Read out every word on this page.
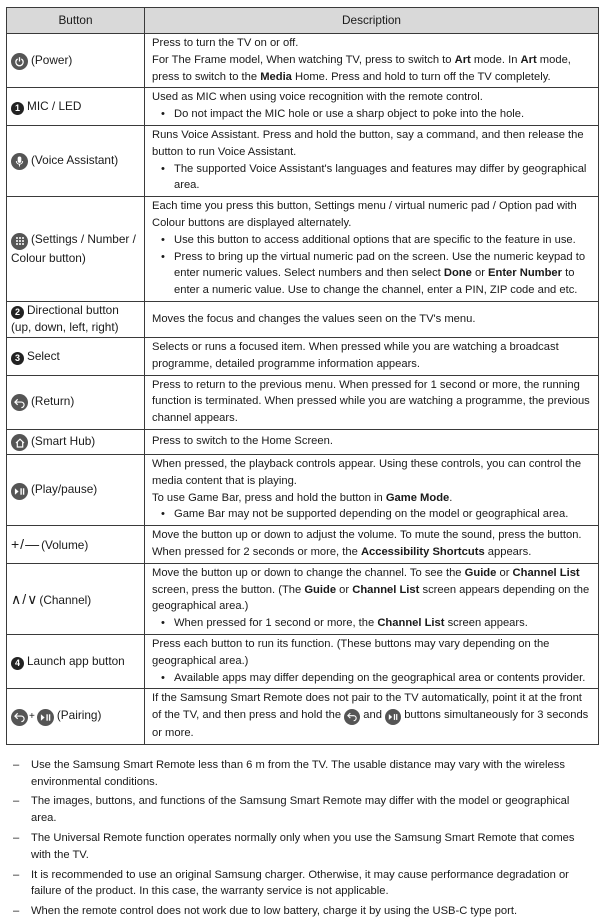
Button	Description

(Power)	Press to turn the TV on or off.
For The Frame model, When watching TV, press to switch to Art mode. In Art mode, press to switch to the Media Home. Press and hold to turn off the TV completely.

1 MIC / LED	Used as MIC when using voice recognition with the remote control.
• Do not impact the MIC hole or use a sharp object to poke into the hole.

(Voice Assistant)	Runs Voice Assistant. Press and hold the button, say a command, and then release the button to run Voice Assistant.
• The supported Voice Assistant's languages and features may differ by geographical area.

(Settings / Number / Colour button)	Each time you press this button, Settings menu / virtual numeric pad / Option pad with Colour buttons are displayed alternately.
• Use this button to access additional options that are specific to the feature in use.
• Press to bring up the virtual numeric pad on the screen. Use the numeric keypad to enter numeric values. Select numbers and then select Done or Enter Number to enter a numeric value. Use to change the channel, enter a PIN, ZIP code and etc.

2 Directional button (up, down, left, right)	Moves the focus and changes the values seen on the TV's menu.

3 Select	Selects or runs a focused item. When pressed while you are watching a broadcast programme, detailed programme information appears.

(Return)	Press to return to the previous menu. When pressed for 1 second or more, the running function is terminated. When pressed while you are watching a programme, the previous channel appears.

(Smart Hub)	Press to switch to the Home Screen.

(Play/pause)	When pressed, the playback controls appear. Using these controls, you can control the media content that is playing.
To use Game Bar, press and hold the button in Game Mode.
• Game Bar may not be supported depending on the model or geographical area.

+/—(Volume)	Move the button up or down to adjust the volume. To mute the sound, press the button.
When pressed for 2 seconds or more, the Accessibility Shortcuts appears.

∧/∨(Channel)	Move the button up or down to change the channel. To see the Guide or Channel List screen, press the button. (The Guide or Channel List screen appears depending on the geographical area.)
• When pressed for 1 second or more, the Channel List screen appears.

4 Launch app button	Press each button to run its function. (These buttons may vary depending on the geographical area.)
• Available apps may differ depending on the geographical area or contents provider.

+ (Pairing)	If the Samsung Smart Remote does not pair to the TV automatically, point it at the front of the TV, and then press and hold the
and
buttons simultaneously for 3 seconds or more.
– Use the Samsung Smart Remote less than 6 m from the TV. The usable distance may vary with the wireless environmental conditions.
– The images, buttons, and functions of the Samsung Smart Remote may differ with the model or geographical area.
– The Universal Remote function operates normally only when you use the Samsung Smart Remote that comes with the TV.
– It is recommended to use an original Samsung charger. Otherwise, it may cause performance degradation or failure of the product. In this case, the warranty service is not applicable.
– When the remote control does not work due to low battery, charge it by using the USB-C type port.
